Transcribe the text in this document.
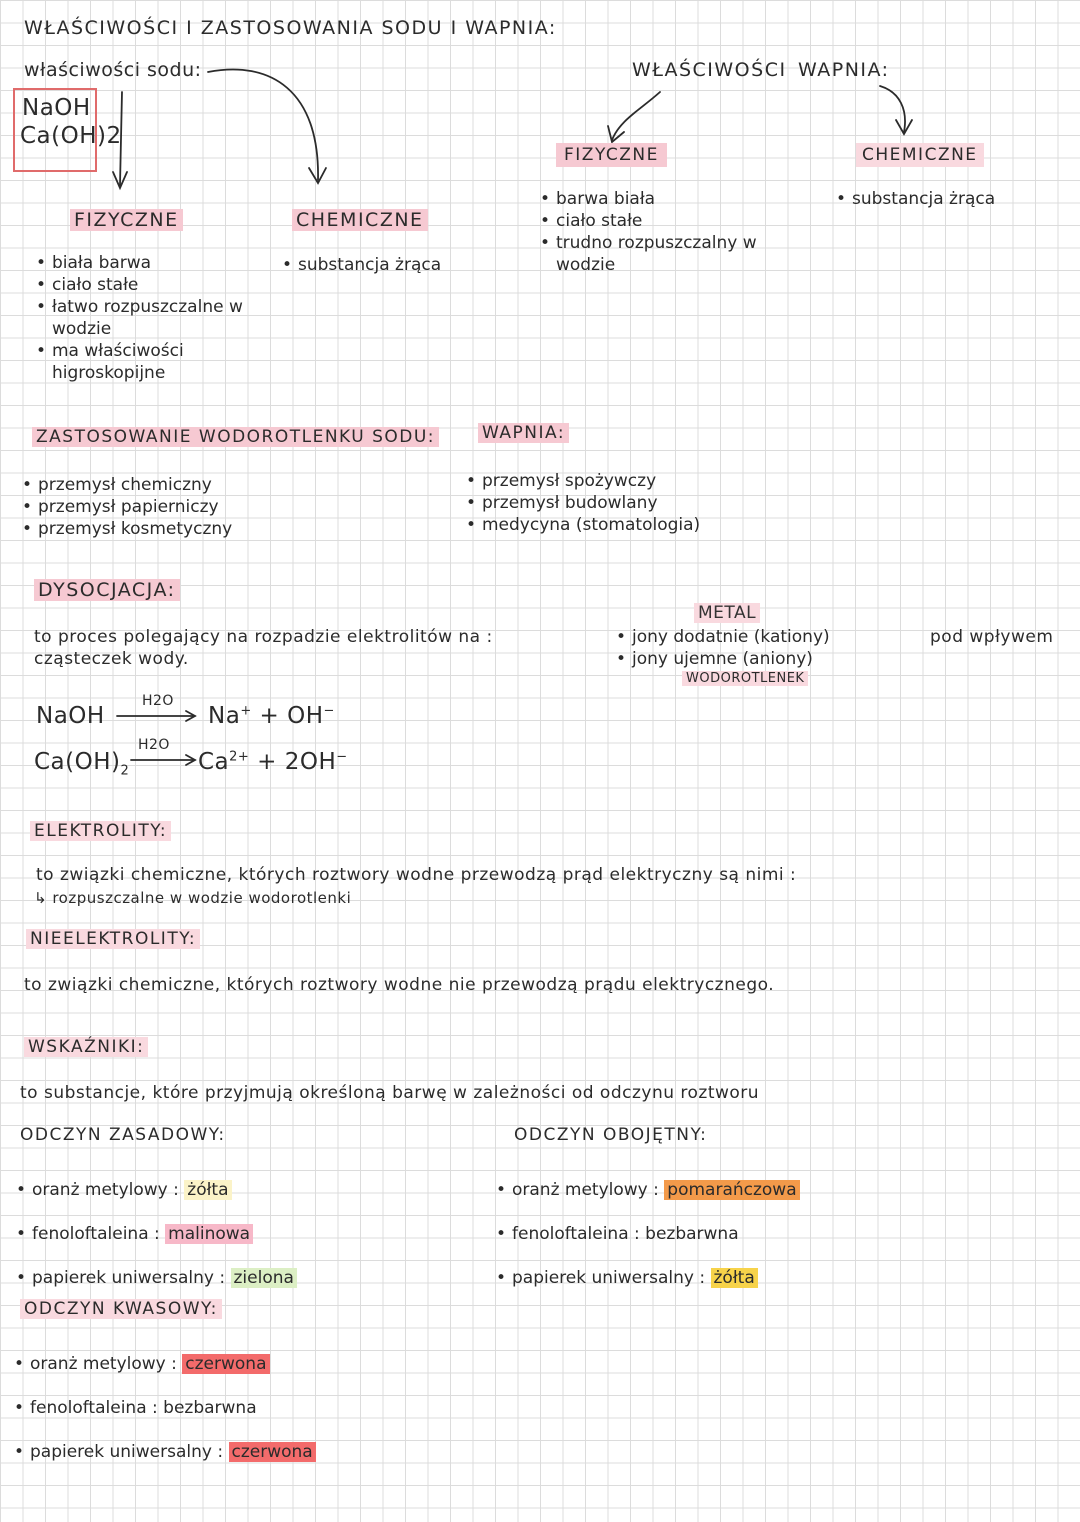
WŁAŚCIWOŚCI I ZASTOSOWANIA SODU I WAPNIA:
właściwości sodu:
NaOH
Ca(OH)2
FIZYCZNE
• biała barwa
• ciało stałe
• łatwo rozpuszczalne w wodzie
• ma właściwości higroskopijne
CHEMICZNE
• substancja żrąca
WŁAŚCIWOŚCI WAPNIA:
FIZYCZNE
• barwa biała
• ciało stałe
• trudno rozpuszczalny w wodzie
CHEMICZNE
• substancja żrąca
ZASTOSOWANIE WODOROTLENKU SODU:
• przemysł chemiczny
• przemysł papierniczy
• przemysł kosmetyczny
WAPNIA:
• przemysł spożywczy
• przemysł budowlany
• medycyna (stomatologia)
DYSOCJACJA:
METAL
to proces polegający na rozpadzie elektrolitów na :
cząsteczek wody.
• jony dodatnie (kationy)
• jony ujemne (aniony)
pod wpływem
WODOROTLENEK
NaOH
H2O
Na+ + OH−
$Ca(OH)_2$
H2O
$Ca^{2+} + 2OH^-$
ELEKTROLITY:
to związki chemiczne, których roztwory wodne przewodzą prąd elektryczny są nimi :
↳ rozpuszczalne w wodzie wodorotlenki
NIEELEKTROLITY:
to związki chemiczne, których roztwory wodne nie przewodzą prądu elektrycznego.
WSKAŹNIKI:
to substancje, które przyjmują określoną barwę w zależności od odczynu roztworu
ODCZYN ZASADOWY:
• oranż metylowy : żółta
• fenoloftaleina : malinowa
• papierek uniwersalny : zielona
ODCZYN KWASOWY:
• oranż metylowy : czerwona
• fenoloftaleina : bezbarwna
• papierek uniwersalny : czerwona
ODCZYN OBOJĘTNY:
• oranż metylowy : pomarańczowa
• fenoloftaleina : bezbarwna
• papierek uniwersalny : żółta
